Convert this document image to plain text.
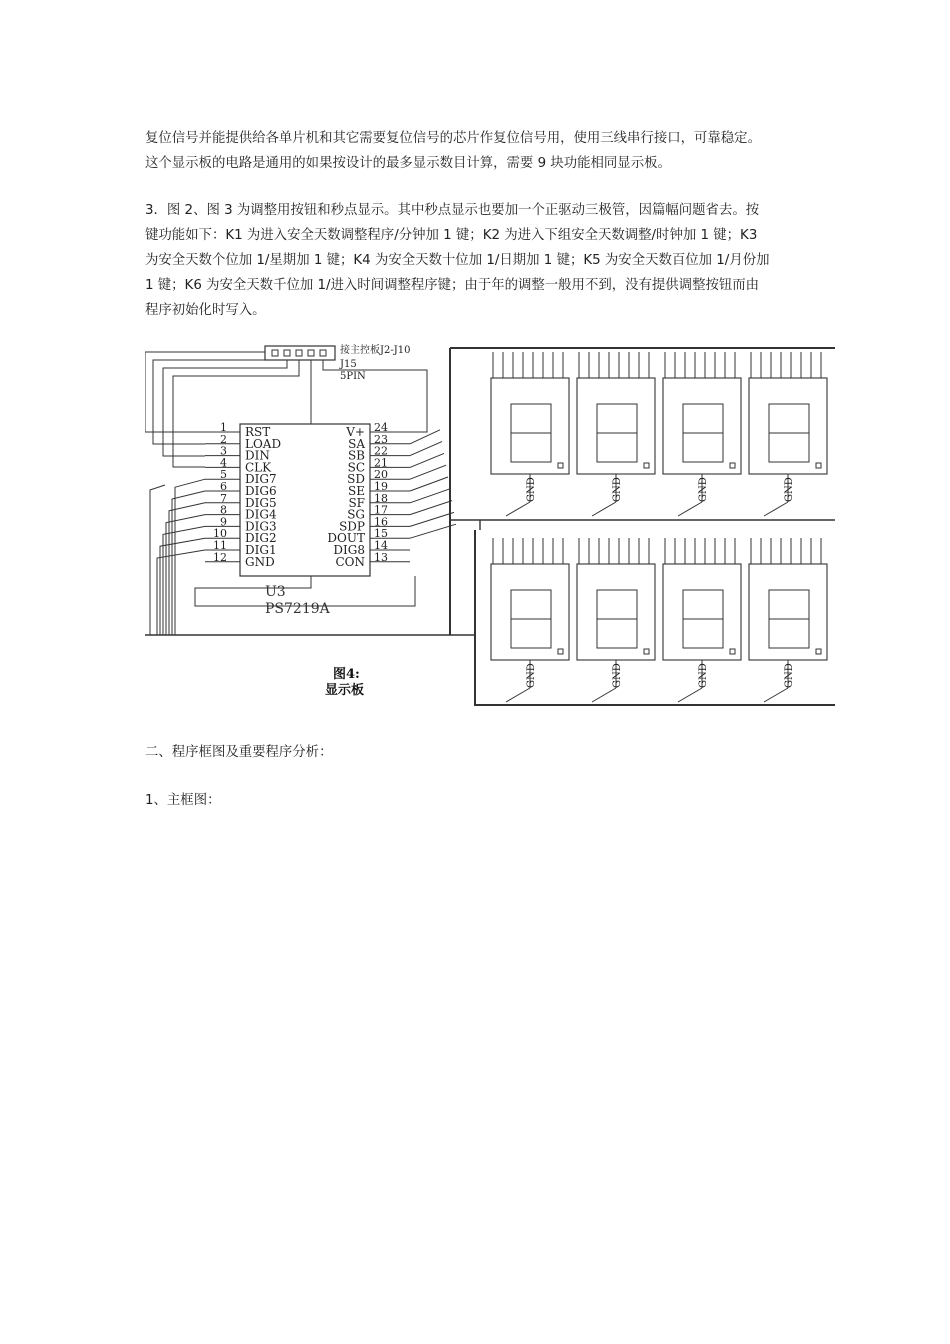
复位信号并能提供给各单片机和其它需要复位信号的芯片作复位信号用，使用三线串行接口，可靠稳定。
这个显示板的电路是通用的如果按设计的最多显示数目计算，需要 9 块功能相同显示板。
3．图 2、图 3 为调整用按钮和秒点显示。其中秒点显示也要加一个正驱动三极管，因篇幅问题省去。按
键功能如下：K1 为进入安全天数调整程序/分钟加 1 键；K2 为进入下组安全天数调整/时钟加 1 键；K3
为安全天数个位加 1/星期加 1 键；K4 为安全天数十位加 1/日期加 1 键；K5 为安全天数百位加 1/月份加
1 键；K6 为安全天数千位加 1/进入时间调整程序键；由于年的调整一般用不到，没有提供调整按钮而由
程序初始化时写入。
接主控板J2-J10
J15
5PIN
U3
PS7219A
1 RST
2 LOAD
3 DIN
4 CLK
5 DIG7
6 DIG6
7 DIG5
8 DIG4
9 DIG3
10 DIG2
11 DIG1
12 GND
24
V+
23
SA
22
SB
21
SC
20
SD
19
SE
18
SF
17
SG
16
SDP
15
DOUT
14
DIG8
13
CON
GND	GND	GND	GND
GND	GND	GND	GND
图4:
显示板

二、程序框图及重要程序分析：

1、主框图：
